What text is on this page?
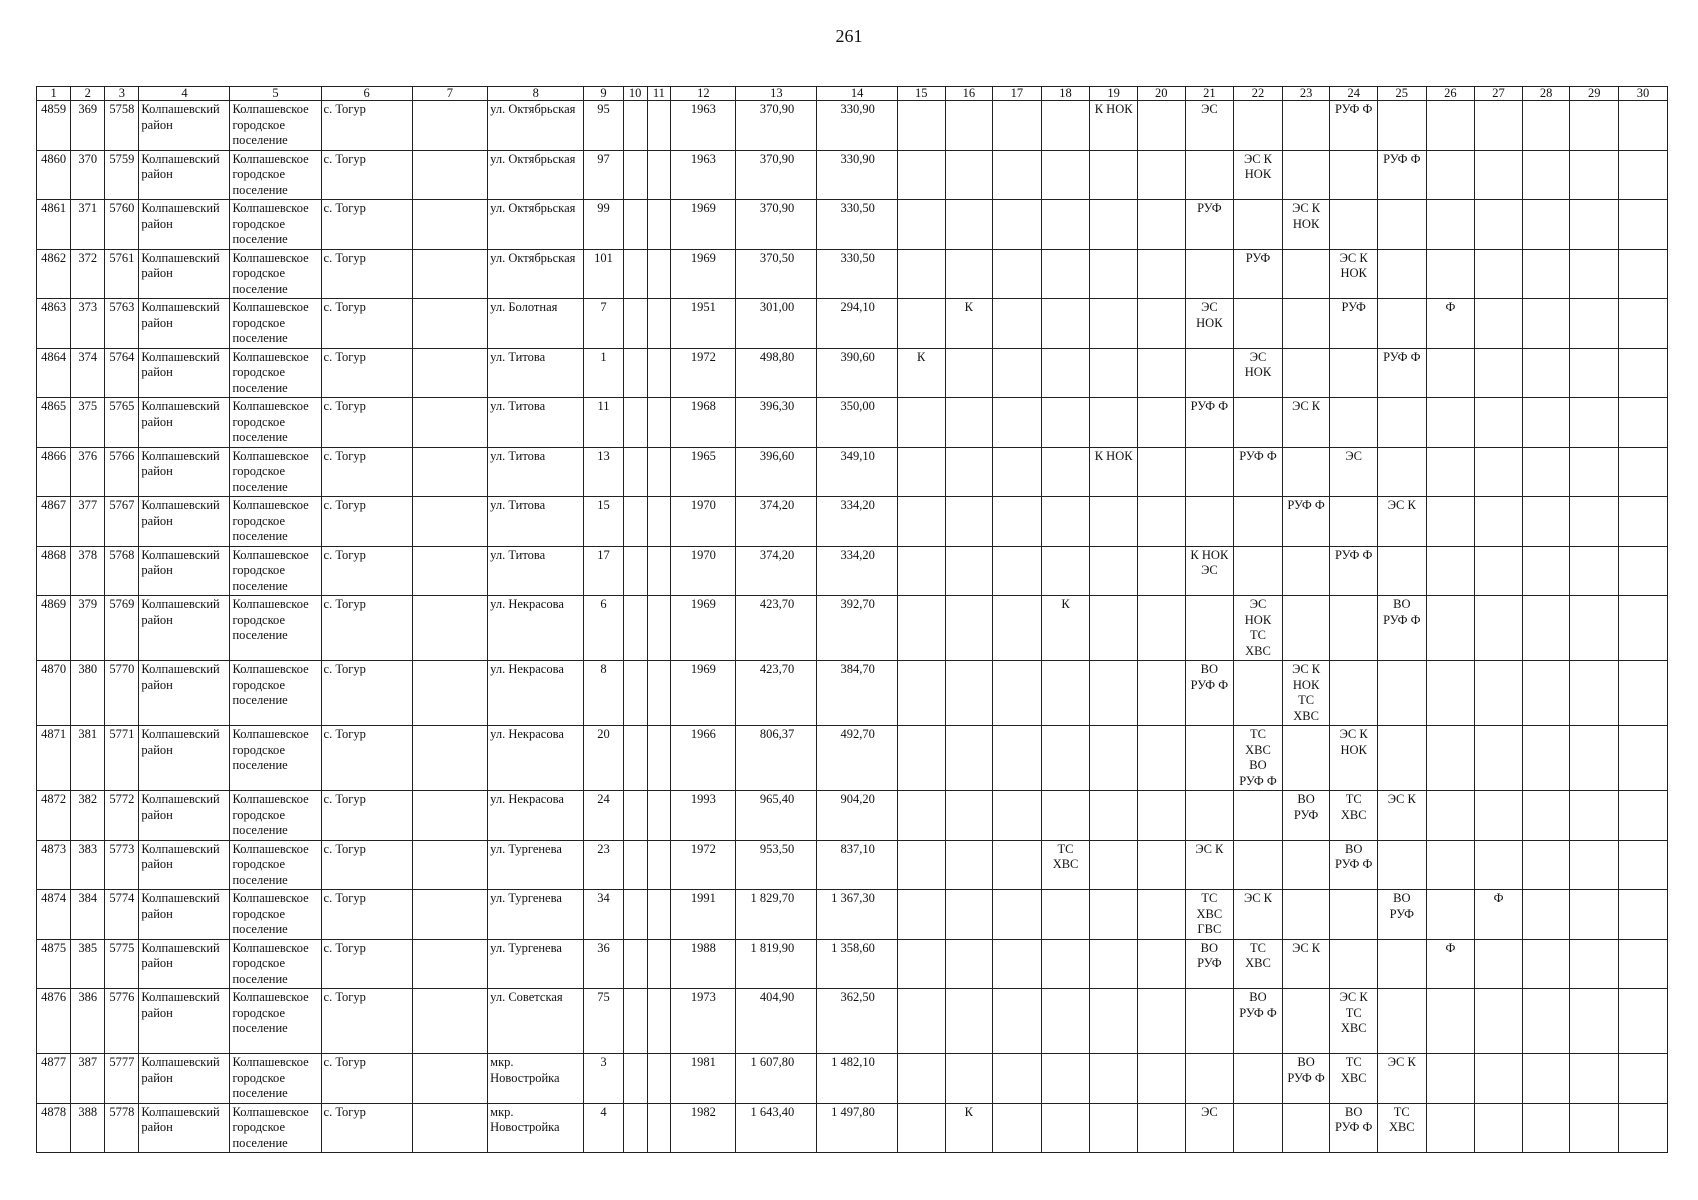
261
1	2	3	4	5	6	7	8	9	10	11	12	13	14	15	16	17	18	19	20	21	22	23	24	25	26	27	28	29	30
4859	369	5758	Колпашевский район	Колпашевское городское поселение	с. Тогур		ул. Октябрьская	95			1963	370,90	330,90					К НОК		ЭС			РУФ Ф						
4860	370	5759	Колпашевский район	Колпашевское городское поселение	с. Тогур		ул. Октябрьская	97			1963	370,90	330,90								ЭС К НОК			РУФ Ф					
4861	371	5760	Колпашевский район	Колпашевское городское поселение	с. Тогур		ул. Октябрьская	99			1969	370,90	330,50							РУФ		ЭС К НОК							
4862	372	5761	Колпашевский район	Колпашевское городское поселение	с. Тогур		ул. Октябрьская	101			1969	370,50	330,50								РУФ		ЭС К НОК						
4863	373	5763	Колпашевский район	Колпашевское городское поселение	с. Тогур		ул. Болотная	7			1951	301,00	294,10		К					ЭС НОК			РУФ		Ф				
4864	374	5764	Колпашевский район	Колпашевское городское поселение	с. Тогур		ул. Титова	1			1972	498,80	390,60	К							ЭС НОК			РУФ Ф					
4865	375	5765	Колпашевский район	Колпашевское городское поселение	с. Тогур		ул. Титова	11			1968	396,30	350,00							РУФ Ф		ЭС К							
4866	376	5766	Колпашевский район	Колпашевское городское поселение	с. Тогур		ул. Титова	13			1965	396,60	349,10					К НОК			РУФ Ф		ЭС						
4867	377	5767	Колпашевский район	Колпашевское городское поселение	с. Тогур		ул. Титова	15			1970	374,20	334,20									РУФ Ф		ЭС К					
4868	378	5768	Колпашевский район	Колпашевское городское поселение	с. Тогур		ул. Титова	17			1970	374,20	334,20							К НОК ЭС			РУФ Ф						
4869	379	5769	Колпашевский район	Колпашевское городское поселение	с. Тогур		ул. Некрасова	6			1969	423,70	392,70				К				ЭС НОК ТС ХВС			ВО РУФ Ф					
4870	380	5770	Колпашевский район	Колпашевское городское поселение	с. Тогур		ул. Некрасова	8			1969	423,70	384,70							ВО РУФ Ф		ЭС К НОК ТС ХВС							
4871	381	5771	Колпашевский район	Колпашевское городское поселение	с. Тогур		ул. Некрасова	20			1966	806,37	492,70								ТС ХВС ВО РУФ Ф		ЭС К НОК						
4872	382	5772	Колпашевский район	Колпашевское городское поселение	с. Тогур		ул. Некрасова	24			1993	965,40	904,20									ВО РУФ	ТС ХВС	ЭС К					
4873	383	5773	Колпашевский район	Колпашевское городское поселение	с. Тогур		ул. Тургенева	23			1972	953,50	837,10				ТС ХВС			ЭС К			ВО РУФ Ф						
4874	384	5774	Колпашевский район	Колпашевское городское поселение	с. Тогур		ул. Тургенева	34			1991	1 829,70	1 367,30							ТС ХВС ГВС	ЭС К			ВО РУФ		Ф			
4875	385	5775	Колпашевский район	Колпашевское городское поселение	с. Тогур		ул. Тургенева	36			1988	1 819,90	1 358,60							ВО РУФ	ТС ХВС	ЭС К			Ф				
4876	386	5776	Колпашевский район	Колпашевское городское поселение	с. Тогур		ул. Советская	75			1973	404,90	362,50								ВО РУФ Ф		ЭС К ТС ХВС						
4877	387	5777	Колпашевский район	Колпашевское городское поселение	с. Тогур		мкр. Новостройка	3			1981	1 607,80	1 482,10									ВО РУФ Ф	ТС ХВС	ЭС К					
4878	388	5778	Колпашевский район	Колпашевское городское поселение	с. Тогур		мкр. Новостройка	4			1982	1 643,40	1 497,80		К					ЭС			ВО РУФ Ф	ТС ХВС					
